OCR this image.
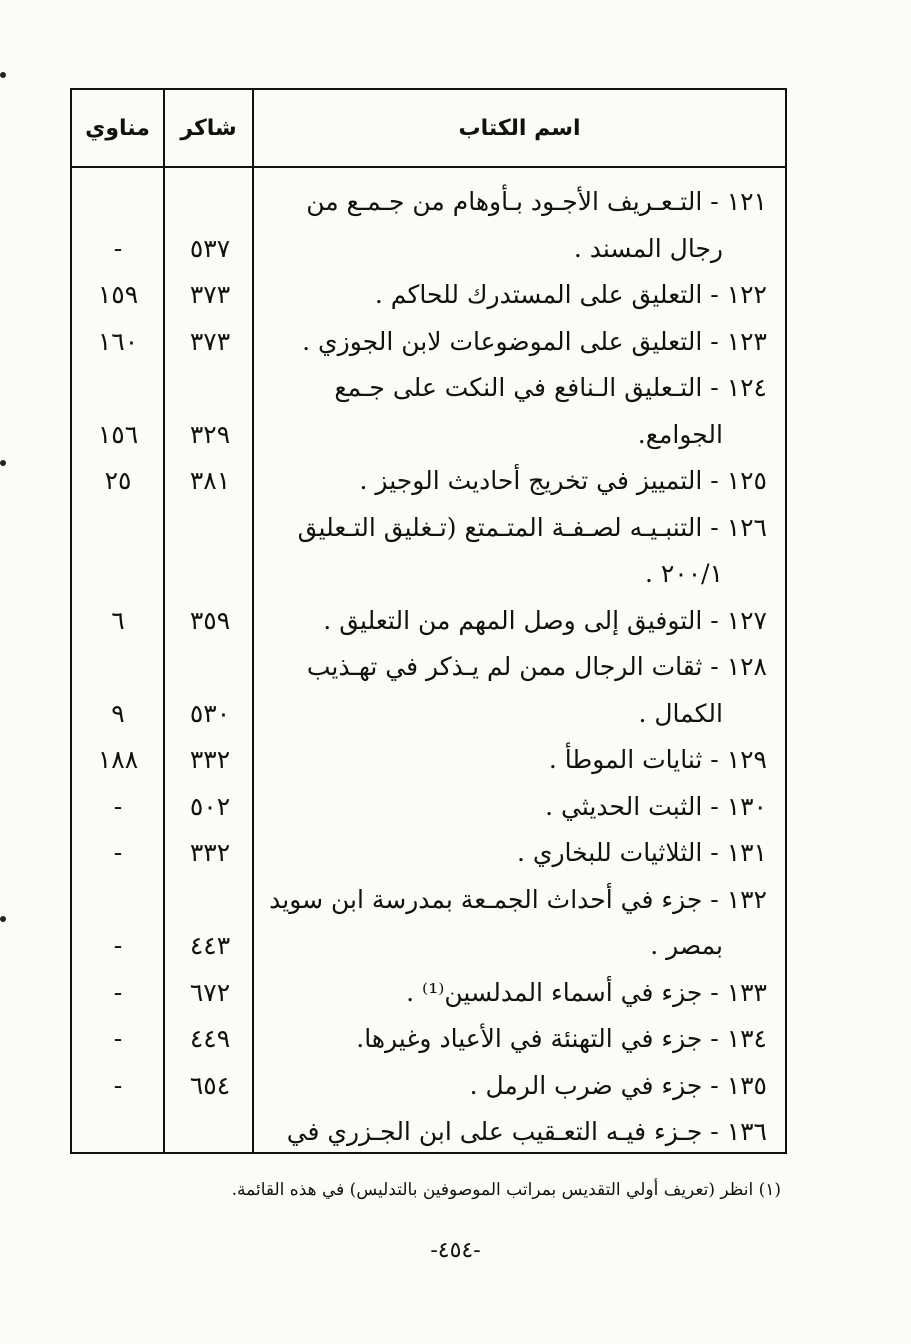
اسم الكتاب
شاكر
مناوي
١٢١ - التـعـريف الأجـود بـأوهام من جـمـع من
رجال المسند .
٥٣٧
-
١٢٢ - التعليق على المستدرك للحاكم .
٣٧٣
١٥٩
١٢٣ - التعليق على الموضوعات لابن الجوزي .
٣٧٣
١٦٠
١٢٤ - التـعليق الـنافع في النكت على جـمع
الجوامع.
٣٢٩
١٥٦
١٢٥ - التمييز في تخريج أحاديث الوجيز .
٣٨١
٢٥
١٢٦ - التنبـيـه لصـفـة المتـمتع (تـغليق التـعليق
٢٠٠/١ .
١٢٧ - التوفيق إلى وصل المهم من التعليق .
٣٥٩
٦
١٢٨ - ثقات الرجال ممن لم يـذكر في تهـذيب
الكمال .
٥٣٠
٩
١٢٩ - ثنايات الموطأ .
٣٣٢
١٨٨
١٣٠ - الثبت الحديثي .
٥٠٢
-
١٣١ - الثلاثيات للبخاري .
٣٣٢
-
١٣٢ - جزء في أحداث الجمـعة بمدرسة ابن سويد
بمصر .
٤٤٣
-
١٣٣ - جزء في أسماء المدلسين⁽¹⁾ .
٦٧٢
-
١٣٤ - جزء في التهنئة في الأعياد وغيرها.
٤٤٩
-
١٣٥ - جزء في ضرب الرمل .
٦٥٤
-
١٣٦ - جـزء فيـه التعـقيب على ابن الجـزري في
(١) انظر (تعريف أولي التقديس بمراتب الموصوفين بالتدليس) في هذه القائمة.
-٤٥٤-
